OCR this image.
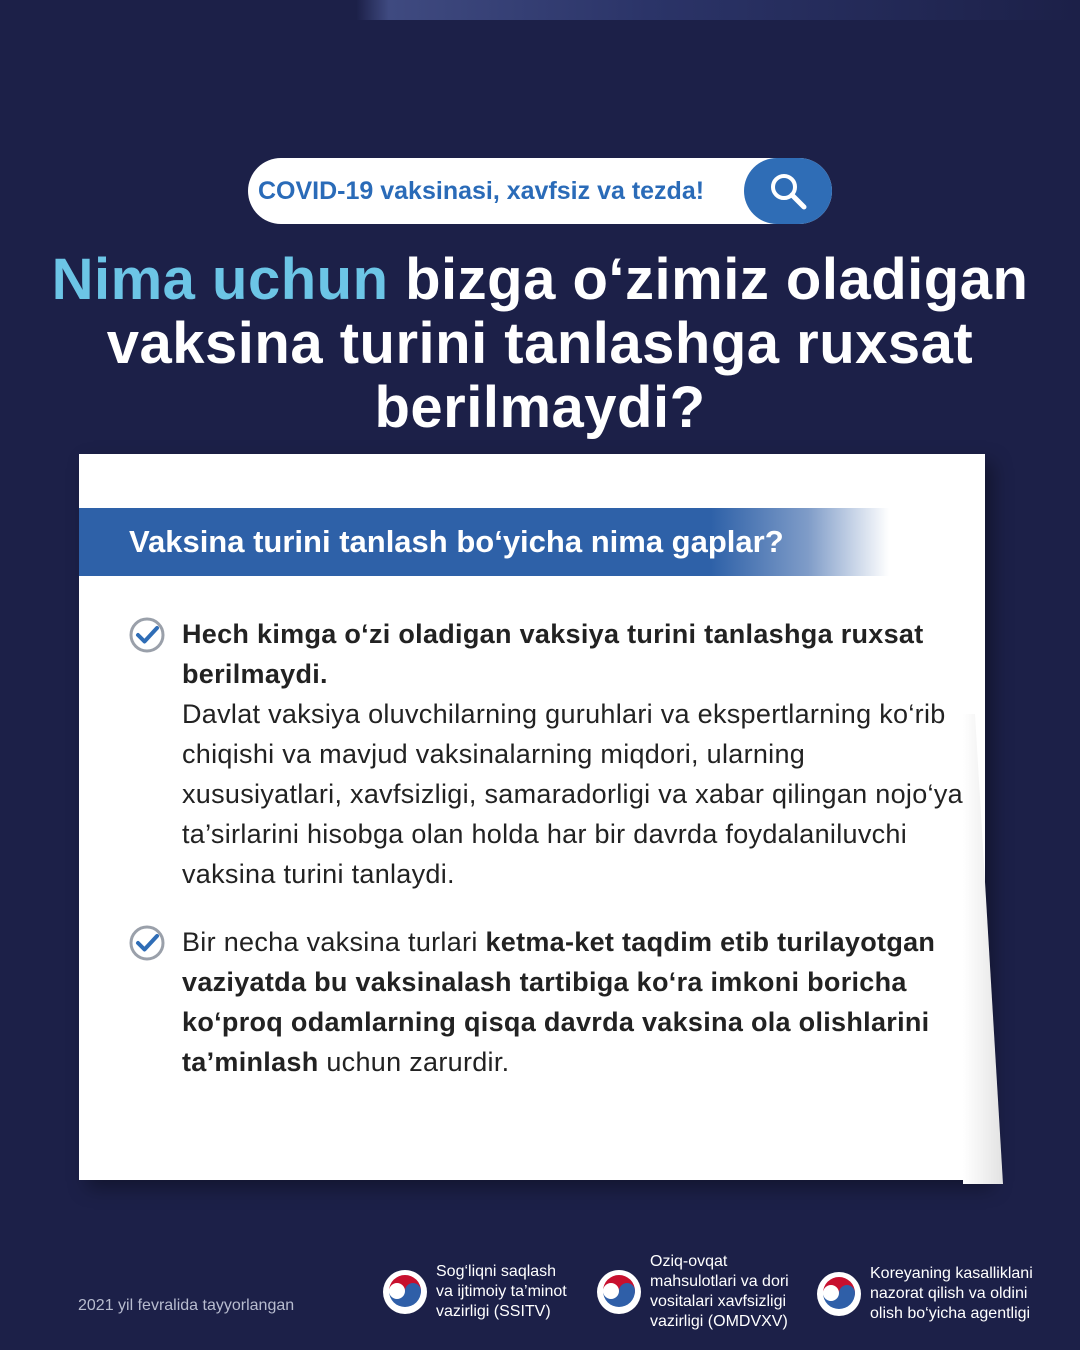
COVID-19 vaksinasi, xavfsiz va tezda!
Nima uchun bizga o‘zimiz oladigan vaksina turini tanlashga ruxsat berilmaydi?
Vaksina turini tanlash bo‘yicha nima gaplar?
Hech kimga o‘zi oladigan vaksiya turini tanlashga ruxsat berilmaydi.
Davlat vaksiya oluvchilarning guruhlari va ekspertlarning ko‘rib chiqishi va mavjud vaksinalarning miqdori, ularning xususiyatlari, xavfsizligi, samaradorligi va xabar qilingan nojo‘ya ta’sirlarini hisobga olan holda har bir davrda foydalaniluvchi vaksina turini tanlaydi.
Bir necha vaksina turlari ketma-ket taqdim etib turilayotgan vaziyatda bu vaksinalash tartibiga ko‘ra imkoni boricha ko‘proq odamlarning qisqa davrda vaksina ola olishlarini ta’minlash uchun zarurdir.
2021 yil fevralida tayyorlangan
Sog‘liqni saqlash
va ijtimoiy ta’minot
vazirligi (SSITV)
Oziq-ovqat
mahsulotlari va dori
vositalari xavfsizligi
vazirligi (OMDVXV)
Koreyaning kasalliklani
nazorat qilish va oldini
olish bo‘yicha agentligi
